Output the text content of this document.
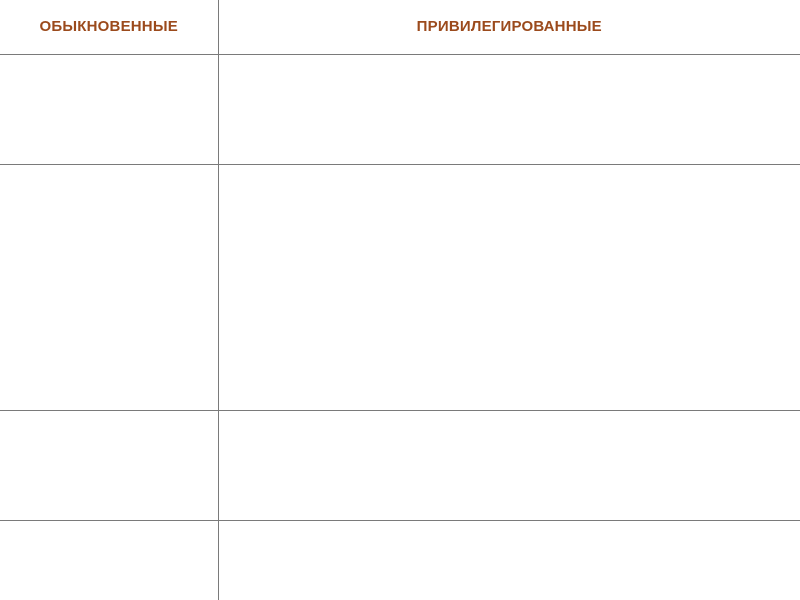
ОБЫКНОВЕННЫЕ	ПРИВИЛЕГИРОВАННЫЕ
